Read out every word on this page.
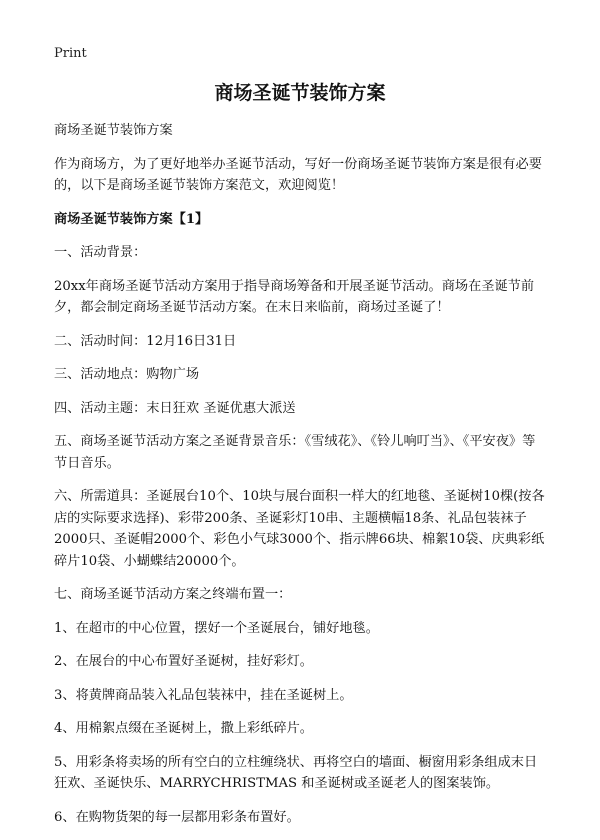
Print
商场圣诞节装饰方案

商场圣诞节装饰方案

作为商场方，为了更好地举办圣诞节活动，写好一份商场圣诞节装饰方案是很有必要的，以下是商场圣诞节装饰方案范文，欢迎阅览！

商场圣诞节装饰方案【1】

一、活动背景：

20xx年商场圣诞节活动方案用于指导商场筹备和开展圣诞节活动。商场在圣诞节前夕，都会制定商场圣诞节活动方案。在末日来临前，商场过圣诞了！

二、活动时间：12月16日31日

三、活动地点：购物广场

四、活动主题：末日狂欢 圣诞优惠大派送

五、商场圣诞节活动方案之圣诞背景音乐：《雪绒花》、《铃儿响叮当》、《平安夜》等节日音乐。

六、所需道具：圣诞展台10个、10块与展台面积一样大的红地毯、圣诞树10棵(按各店的实际要求选择)、彩带200条、圣诞彩灯10串、主题横幅18条、礼品包装袜子2000只、圣诞帽2000个、彩色小气球3000个、指示牌66块、棉絮10袋、庆典彩纸碎片10袋、小蝴蝶结20000个。

七、商场圣诞节活动方案之终端布置一：

1、在超市的中心位置，摆好一个圣诞展台，铺好地毯。

2、在展台的中心布置好圣诞树，挂好彩灯。

3、将黄牌商品装入礼品包装袜中，挂在圣诞树上。

4、用棉絮点缀在圣诞树上，撒上彩纸碎片。

5、用彩条将卖场的所有空白的立柱缠绕状、再将空白的墙面、橱窗用彩条组成末日狂欢、圣诞快乐、MARRYCHRISTMAS 和圣诞树或圣诞老人的图案装饰。

6、在购物货架的每一层都用彩条布置好。
